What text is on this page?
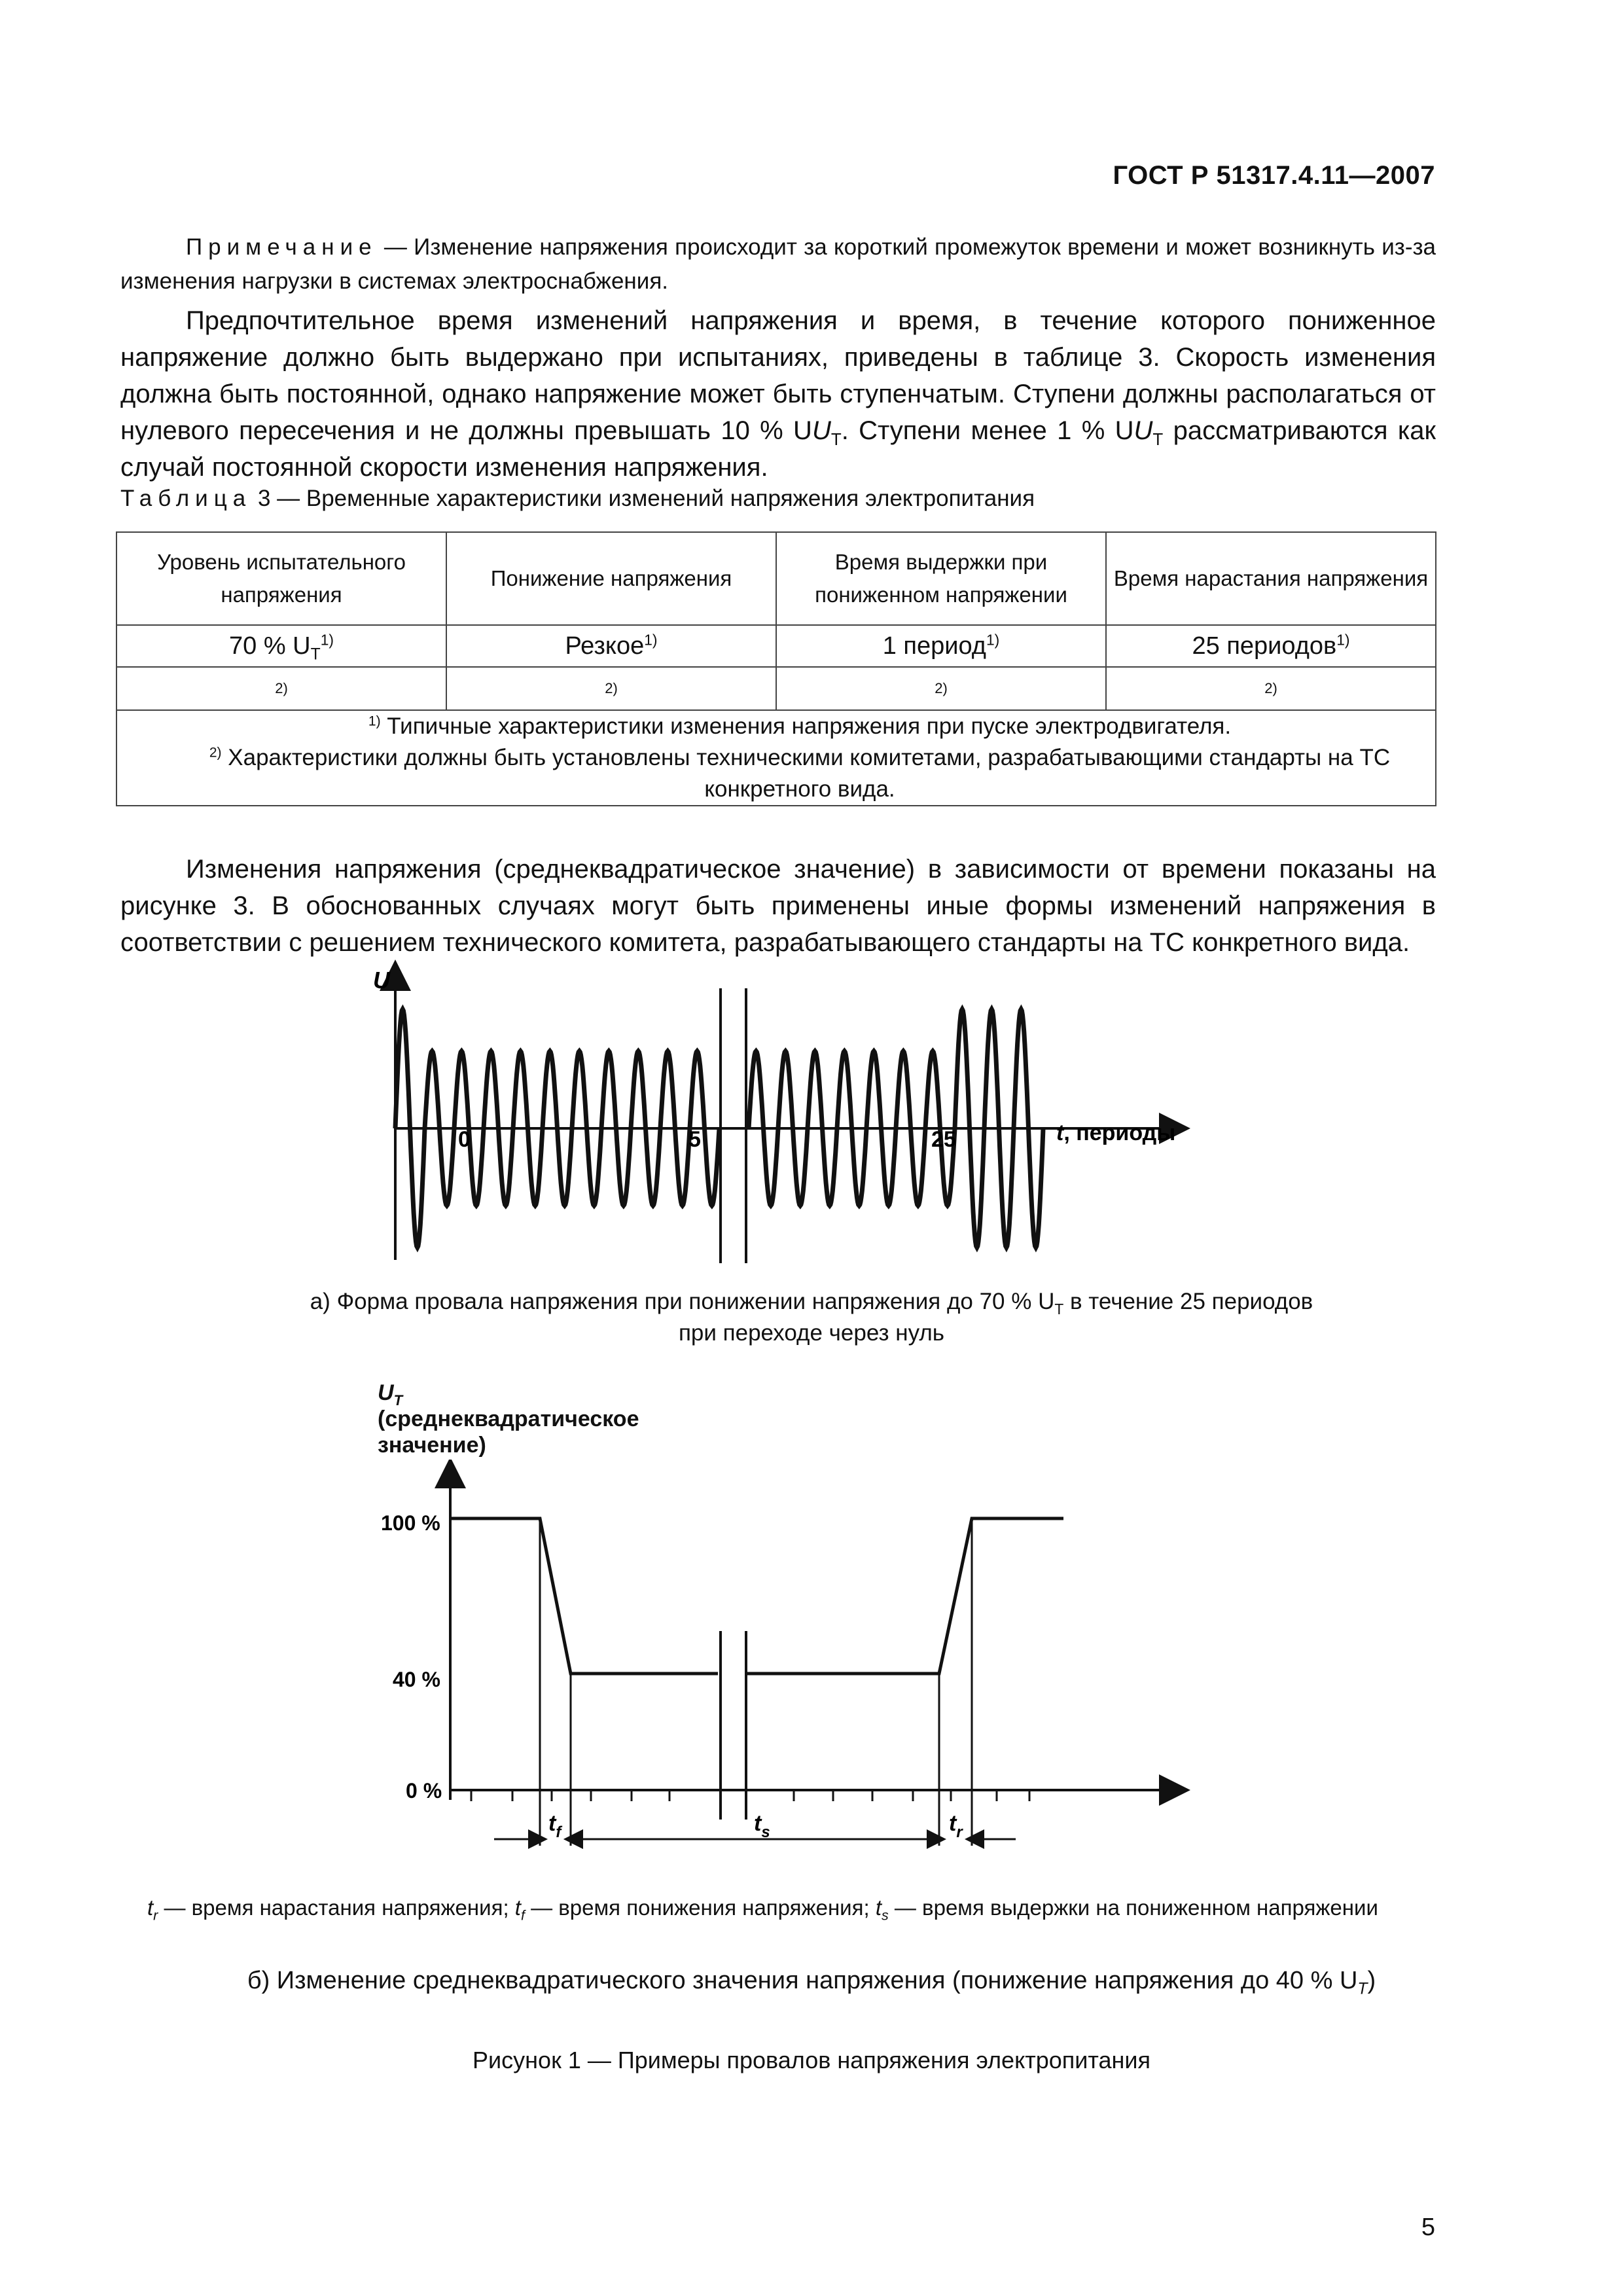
ГОСТ Р 51317.4.11—2007
Примечание — Изменение напряжения происходит за короткий промежуток времени и может возникнуть из-за изменения нагрузки в системах электроснабжения.
Предпочтительное время изменений напряжения и время, в течение которого пониженное напряжение должно быть выдержано при испытаниях, приведены в таблице 3. Скорость изменения должна быть постоянной, однако напряжение может быть ступенчатым. Ступени должны располагаться от нулевого пересечения и не должны превышать 10 % $UU_T$. Ступени менее 1 % $UU_T$ рассматриваются как случай постоянной скорости изменения напряжения.
Таблица 3 — Временные характеристики изменений напряжения электропитания
Уровень испытательного напряжения	Понижение напряжения	Время выдержки при пониженном напряжении	Время нарастания напряжения
70 % $U_T^{1)}$	Резкое$^{1)}$	1 период$^{1)}$	25 периодов$^{1)}$
2)	2)	2)	2)

$^{1)}$ Типичные характеристики изменения напряжения при пуске электродвигателя.
$^{2)}$ Характеристики должны быть установлены техническими комитетами, разрабатывающими стандарты на ТС конкретного вида.			
Изменения напряжения (среднеквадратическое значение) в зависимости от времени показаны на рисунке 3. В обоснованных случаях могут быть применены иные формы изменений напряжения в соответствии с решением технического комитета, разрабатывающего стандарты на ТС конкретного вида.
U
t, периоды
0	5	25
а) Форма провала напряжения при понижении напряжения до 70 % $U_T$ в течение 25 периодов
при переходе через нуль
$U_T$
(среднеквадратическое
значение)
100 %
40 %
0 %
$t_f$	$t_s$	$t_r$
$t_r$ — время нарастания напряжения; $t_f$ — время понижения напряжения; $t_s$ — время выдержки на пониженном напряжении
б) Изменение среднеквадратического значения напряжения (понижение напряжения до 40 % $U_T$)
Рисунок 1 — Примеры провалов напряжения электропитания
5
